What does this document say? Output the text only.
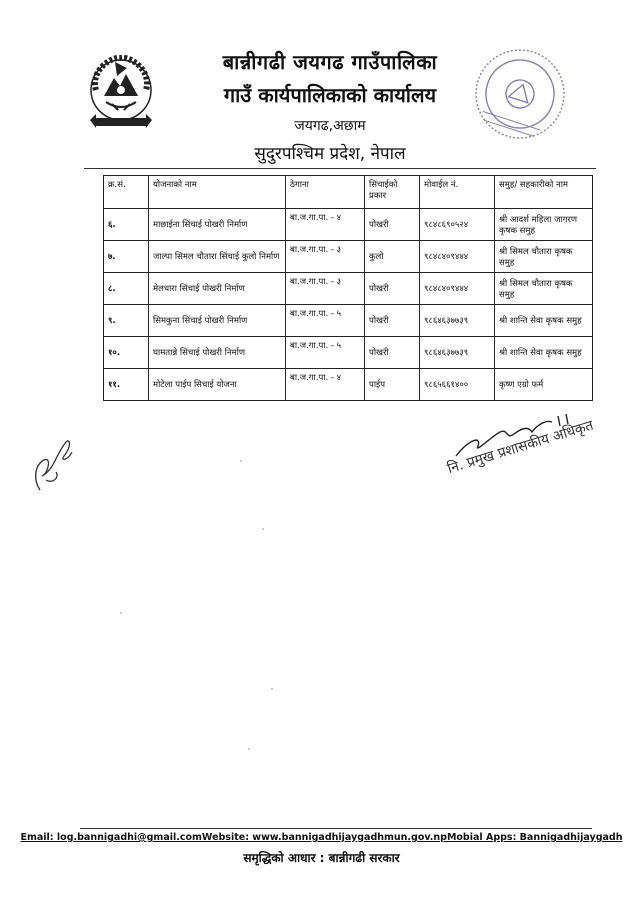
बान्नीगढी जयगढ गाउँपालिका
गाउँ कार्यपालिकाको कार्यालय
जयगढ,अछाम
सुदुरपश्चिम प्रदेश, नेपाल
क्र.सं.	योजनाको नाम	ठेगाना	सिंचाईको प्रकार	मोवाईल नं.	समुह/ सहकारीको नाम
६.	माछाईना सिंचाई पोखरी निर्माण	बा.ज.गा.पा. - ४	पोखरी	९८४८६९०५२४	श्री आदर्श महिला जागरण कृषक समुह
७.	जाल्पा सिमल चौतारा सिंचाई कुलो निर्माण	बा.ज.गा.पा. - ३	कुलो	९८४८४०९४४४	श्री सिमल चौतारा कृषक समुह
८.	मेलधारा सिंचाई पोखरी निर्माण	बा.ज.गा.पा. - ३	पोखरी	९८४८४०९४४४	श्री सिमल चौतारा कृषक समुह
९.	सिमकुना सिंचाई पोखरी निर्माण	बा.ज.गा.पा. - ५	पोखरी	९८६४६३७७३९	श्री शान्ति सेवा कृषक समुह
१०.	घामतान्ने सिंचाई पोखरी निर्माण	बा.ज.गा.पा. - ५	पोखरी	९८६४६३७७३९	श्री शान्ति सेवा कृषक समुह
११.	मोटेला पाईप सिचाई योजना	बा.ज.गा.पा. - ४	पाईप	९८६५६६१४००	कृष्ण एग्रो फर्म
नि. प्रमुख प्रशासकीय अधिकृत
Email: log.bannigadhi@gmail.comWebsite: www.bannigadhijaygadhmun.gov.npMobial Apps: Bannigadhijaygadh
समृद्धिको आधार : बान्नीगढी सरकार
